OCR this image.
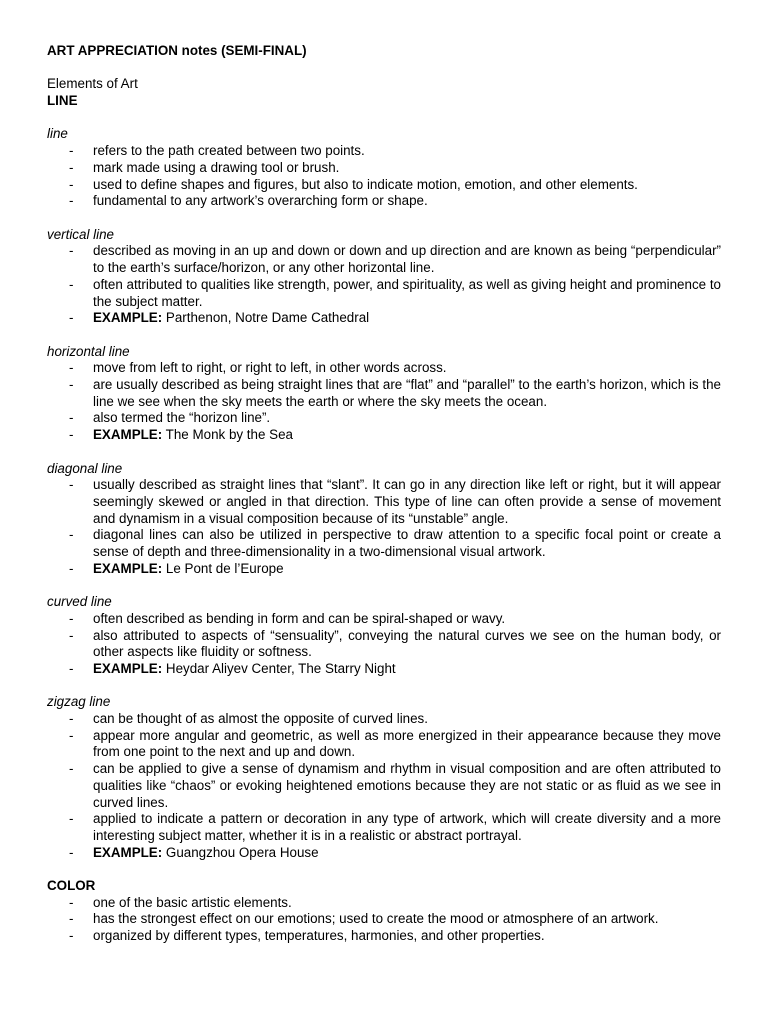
ART APPRECIATION notes (SEMI-FINAL)

Elements of Art

LINE

line

- refers to the path created between two points.
- mark made using a drawing tool or brush.
- used to define shapes and figures, but also to indicate motion, emotion, and other elements.
- fundamental to any artwork’s overarching form or shape.

vertical line

- described as moving in an up and down or down and up direction and are known as being “perpendicular” to the earth’s surface/horizon, or any other horizontal line.
- often attributed to qualities like strength, power, and spirituality, as well as giving height and prominence to the subject matter.
- EXAMPLE: Parthenon, Notre Dame Cathedral

horizontal line

- move from left to right, or right to left, in other words across.
- are usually described as being straight lines that are “flat” and “parallel” to the earth’s horizon, which is the line we see when the sky meets the earth or where the sky meets the ocean.
- also termed the “horizon line”.
- EXAMPLE: The Monk by the Sea

diagonal line

- usually described as straight lines that “slant”. It can go in any direction like left or right, but it will appear seemingly skewed or angled in that direction. This type of line can often provide a sense of movement and dynamism in a visual composition because of its “unstable” angle.
- diagonal lines can also be utilized in perspective to draw attention to a specific focal point or create a sense of depth and three-dimensionality in a two-dimensional visual artwork.
- EXAMPLE: Le Pont de l’Europe

curved line

- often described as bending in form and can be spiral-shaped or wavy.
- also attributed to aspects of “sensuality”, conveying the natural curves we see on the human body, or other aspects like fluidity or softness.
- EXAMPLE: Heydar Aliyev Center, The Starry Night

zigzag line

- can be thought of as almost the opposite of curved lines.
- appear more angular and geometric, as well as more energized in their appearance because they move from one point to the next and up and down.
- can be applied to give a sense of dynamism and rhythm in visual composition and are often attributed to qualities like “chaos” or evoking heightened emotions because they are not static or as fluid as we see in curved lines.
- applied to indicate a pattern or decoration in any type of artwork, which will create diversity and a more interesting subject matter, whether it is in a realistic or abstract portrayal.
- EXAMPLE: Guangzhou Opera House

COLOR

- one of the basic artistic elements.
- has the strongest effect on our emotions; used to create the mood or atmosphere of an artwork.
- organized by different types, temperatures, harmonies, and other properties.
